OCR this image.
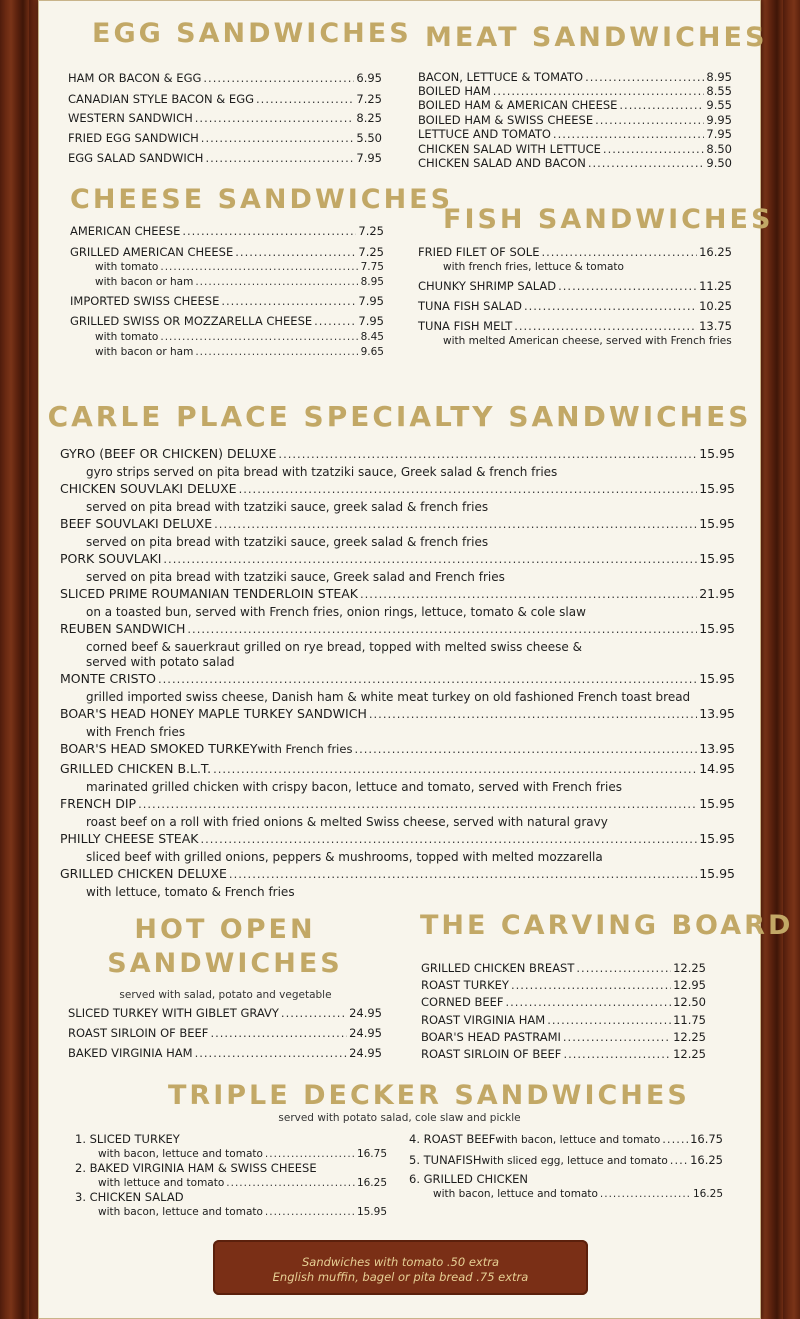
EGG SANDWICHES
HAM OR BACON & EGG .....	6.95
CANADIAN STYLE BACON & EGG .....	7.25
WESTERN SANDWICH .....	8.25
FRIED EGG SANDWICH .....	5.50
EGG SALAD SANDWICH .....	7.95
CHEESE SANDWICHES
AMERICAN CHEESE .....	7.25
GRILLED AMERICAN CHEESE .....	7.25
with tomato .....	7.75
with bacon or ham .....	8.95
IMPORTED SWISS CHEESE .....	7.95
GRILLED SWISS OR MOZZARELLA CHEESE .....	7.95
with tomato .....	8.45
with bacon or ham .....	9.65
MEAT SANDWICHES
BACON, LETTUCE & TOMATO .....	8.95
BOILED HAM .....	8.55
BOILED HAM & AMERICAN CHEESE .....	9.55
BOILED HAM & SWISS CHEESE .....	9.95
LETTUCE AND TOMATO .....	7.95
CHICKEN SALAD WITH LETTUCE .....	8.50
CHICKEN SALAD AND BACON .....	9.50
FISH SANDWICHES
FRIED FILET OF SOLE .....	16.25
with french fries, lettuce & tomato
CHUNKY SHRIMP SALAD .....	11.25
TUNA FISH SALAD .....	10.25
TUNA FISH MELT .....	13.75
with melted American cheese, served with French fries
CARLE PLACE SPECIALTY SANDWICHES
HOT OPEN
SANDWICHES
served with salad, potato and vegetable
SLICED TURKEY WITH GIBLET GRAVY .....	24.95
ROAST SIRLOIN OF BEEF .....	24.95
BAKED VIRGINIA HAM .....	24.95
THE CARVING BOARD
GRILLED CHICKEN BREAST .....	12.25
ROAST TURKEY .....	12.95
CORNED BEEF .....	12.50
ROAST VIRGINIA HAM .....	11.75
BOAR'S HEAD PASTRAMI .....	12.25
ROAST SIRLOIN OF BEEF .....	12.25
TRIPLE DECKER SANDWICHES
served with potato salad, cole slaw and pickle
1. SLICED TURKEY
with bacon, lettuce and tomato .....	16.75
2. BAKED VIRGINIA HAM & SWISS CHEESE
with lettuce and tomato .....	16.25
3. CHICKEN SALAD
with bacon, lettuce and tomato .....	15.95
4. ROAST BEEF with bacon, lettuce and tomato .....	16.75
5. TUNAFISH with sliced egg, lettuce and tomato ..... 16.25
6. GRILLED CHICKEN
with bacon, lettuce and tomato .....	16.25
GYRO (BEEF OR CHICKEN) DELUXE .....	15.95
gyro strips served on pita bread with tzatziki sauce, Greek salad & french fries
CHICKEN SOUVLAKI DELUXE .....	15.95
served on pita bread with tzatziki sauce, greek salad & french fries
BEEF SOUVLAKI DELUXE .....	15.95
served on pita bread with tzatziki sauce, greek salad & french fries
PORK SOUVLAKI .....	15.95
served on pita bread with tzatziki sauce, Greek salad and French fries
SLICED PRIME ROUMANIAN TENDERLOIN STEAK .....	21.95
on a toasted bun, served with French fries, onion rings, lettuce, tomato & cole slaw
REUBEN SANDWICH .....	15.95
corned beef & sauerkraut grilled on rye bread, topped with melted swiss cheese &
served with potato salad
MONTE CRISTO .....	15.95
grilled imported swiss cheese, Danish ham & white meat turkey on old fashioned French toast bread
BOAR'S HEAD HONEY MAPLE TURKEY SANDWICH .....	13.95
with French fries
BOAR'S HEAD SMOKED TURKEY with French fries .....	13.95
GRILLED CHICKEN B.L.T. .....	14.95
marinated grilled chicken with crispy bacon, lettuce and tomato, served with French fries
FRENCH DIP .....	15.95
roast beef on a roll with fried onions & melted Swiss cheese, served with natural gravy
PHILLY CHEESE STEAK .....	15.95
sliced beef with grilled onions, peppers & mushrooms, topped with melted mozzarella
GRILLED CHICKEN DELUXE .....	15.95
with lettuce, tomato & French fries
Sandwiches with tomato .50 extra
English muffin, bagel or pita bread .75 extra
